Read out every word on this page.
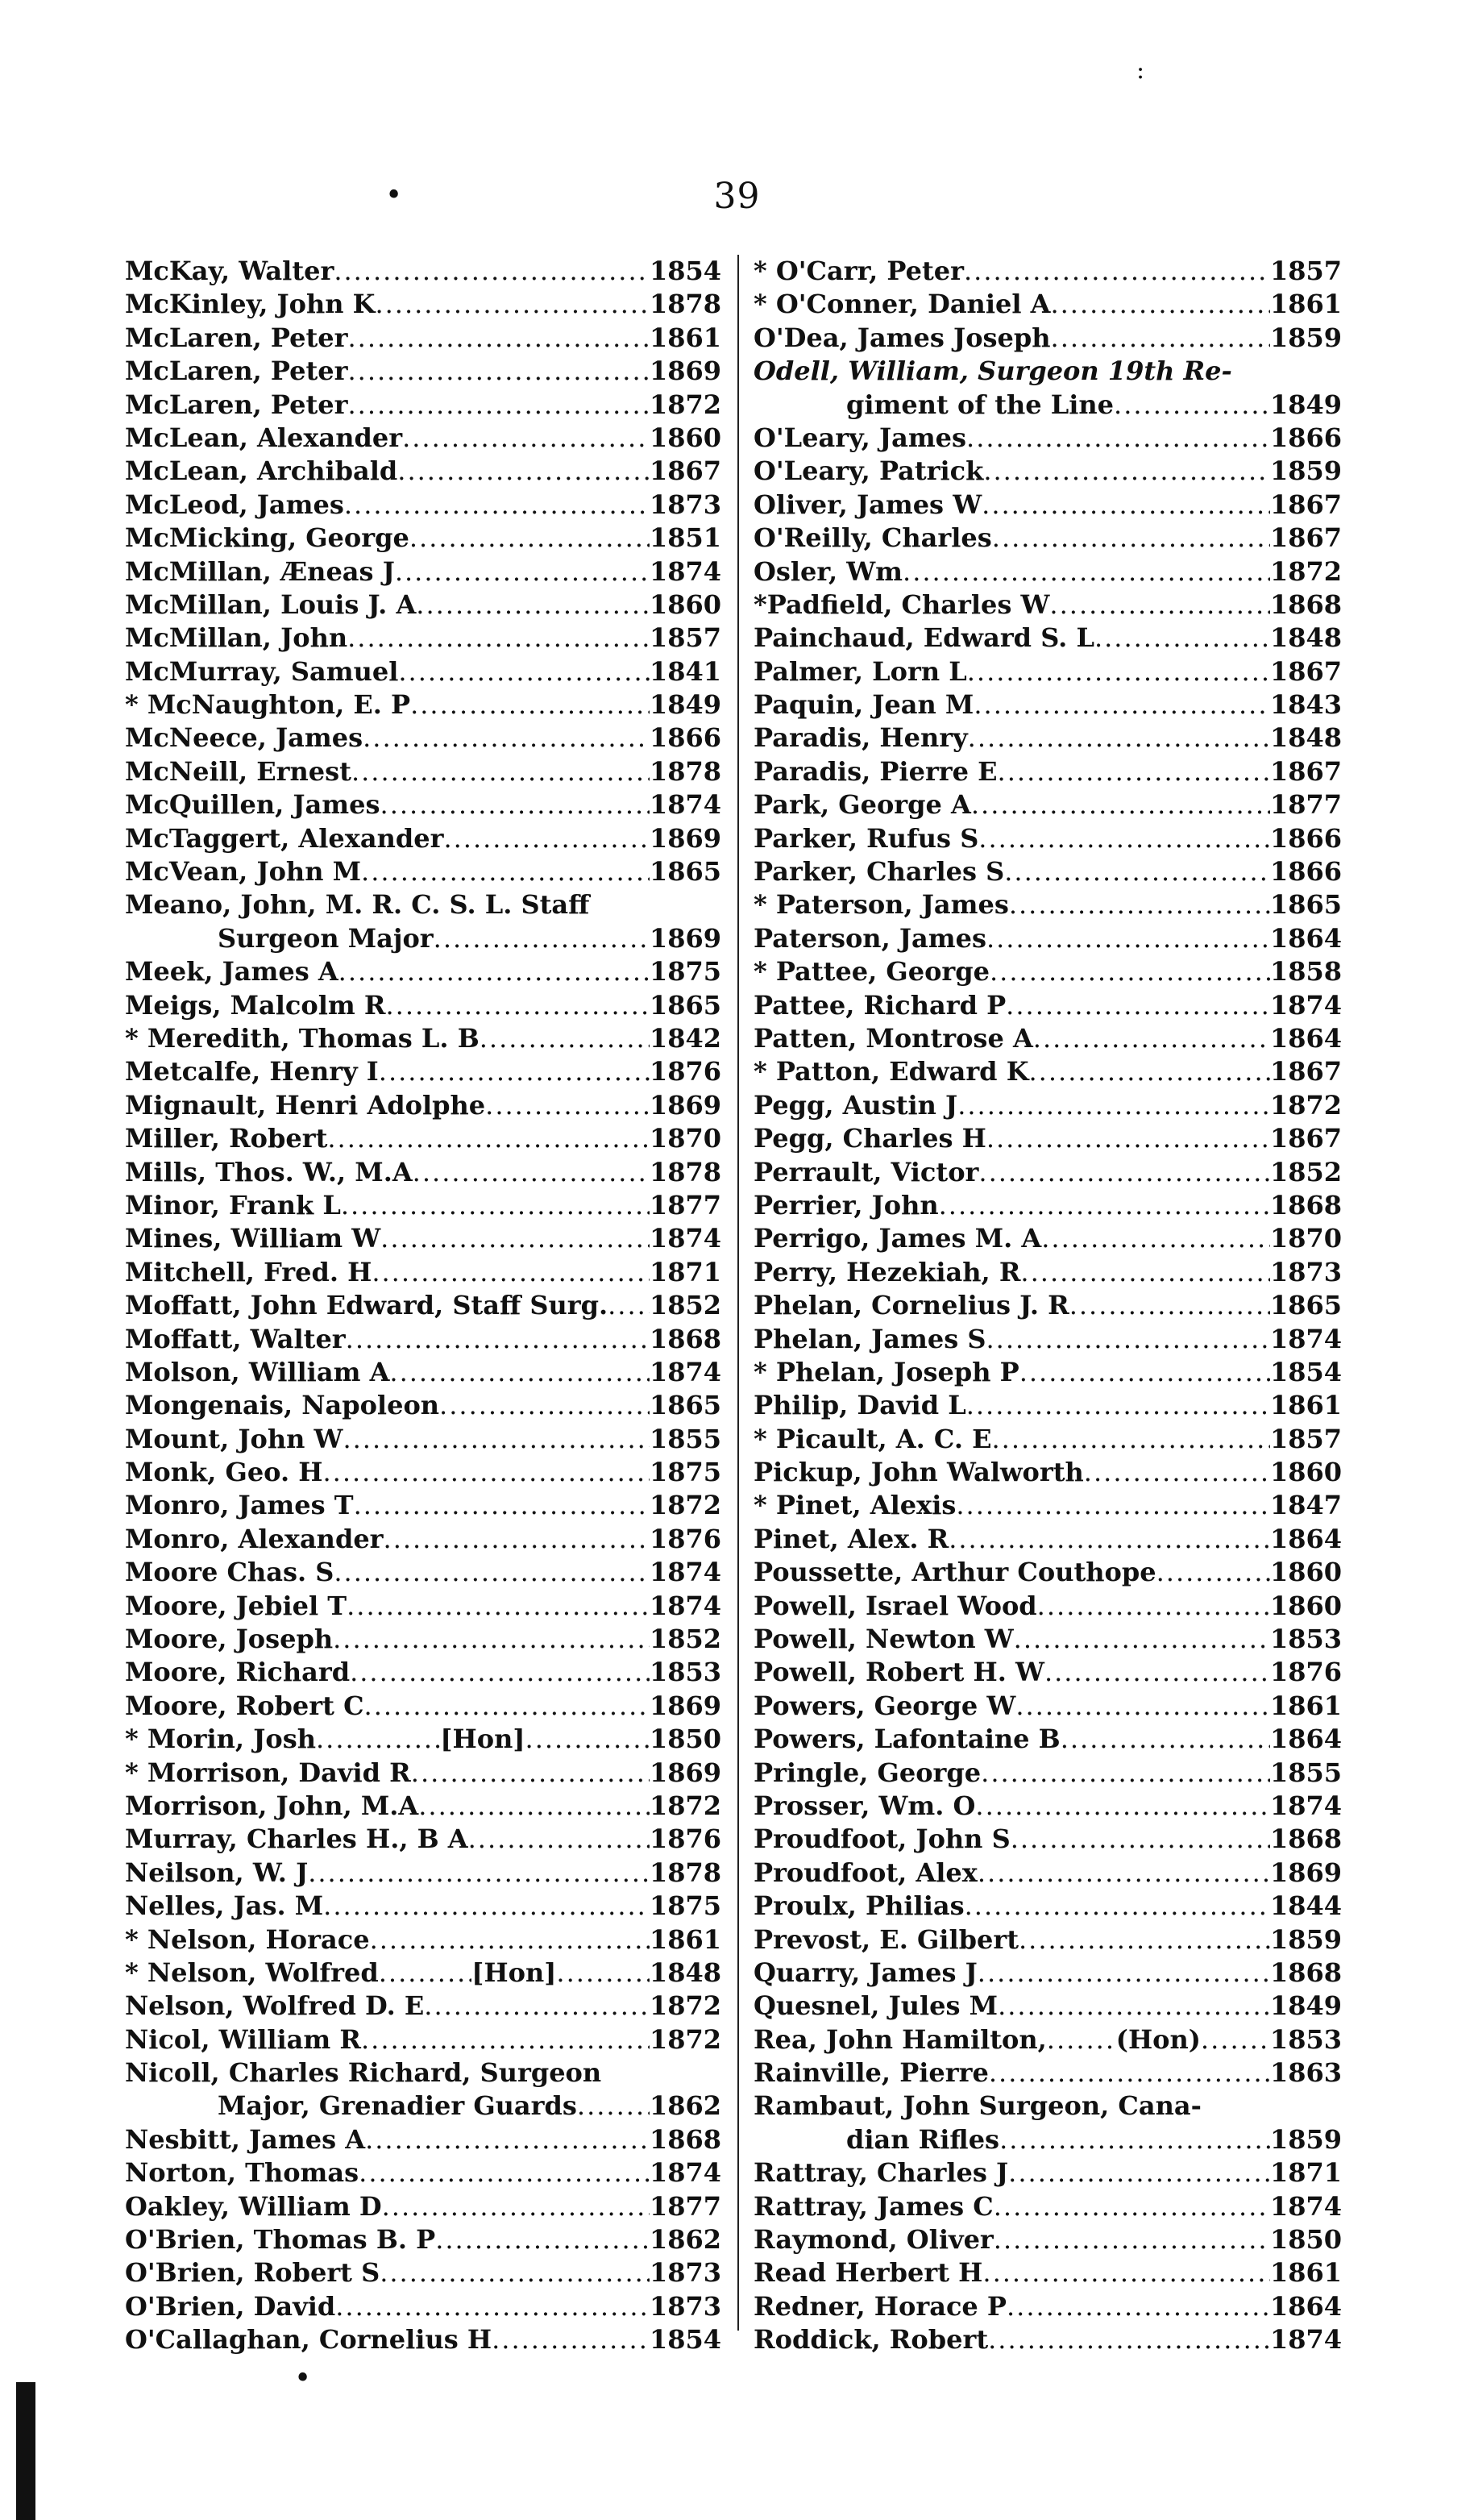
•
:
39
McKay, Walter .....	1854
McKinley, John K .....	1878
McLaren, Peter .....	1861
McLaren, Peter .....	1869
McLaren, Peter .....	1872
McLean, Alexander .....	1860
McLean, Archibald .....	1867
McLeod, James .....	1873
McMicking, George .....	1851
McMillan, Æneas J .....	1874
McMillan, Louis J. A .....	1860
McMillan, John .....	1857
McMurray, Samuel .....	1841
* McNaughton, E. P .....	1849
McNeece, James .....	1866
McNeill, Ernest .....	1878
McQuillen, James .....	1874
McTaggert, Alexander .....	1869
McVean, John M .....	1865
Meano, John, M. R. C. S. L. Staff
Surgeon Major .....	1869
Meek, James A .....	1875
Meigs, Malcolm R .....	1865
* Meredith, Thomas L. B .....	1842
Metcalfe, Henry I .....	1876
Mignault, Henri Adolphe .....	1869
Miller, Robert .....	1870
Mills, Thos. W., M.A .....	1878
Minor, Frank L .....	1877
Mines, William W .....	1874
Mitchell, Fred. H .....	1871
Moffatt, John Edward, Staff Surg. ..... 1852
Moffatt, Walter .....	1868
Molson, William A .....	1874
Mongenais, Napoleon .....	1865
Mount, John W .....	1855
Monk, Geo. H .....	1875
Monro, James T .....	1872
Monro, Alexander .....	1876
Moore Chas. S .....	1874
Moore, Jebiel T .....	1874
Moore, Joseph .....	1852
Moore, Richard .....	1853
Moore, Robert C .....	1869
* Morin, Josh .....	[Hon] .....	1850
* Morrison, David R .....	1869
Morrison, John, M.A .....	1872
Murray, Charles H., B A .....	1876
Neilson, W. J .....	1878
Nelles, Jas. M .....	1875
* Nelson, Horace .....	1861
* Nelson, Wolfred .....	[Hon] .....	1848
Nelson, Wolfred D. E .....	1872
Nicol, William R .....	1872
Nicoll, Charles Richard, Surgeon
Major, Grenadier Guards .....	1862
Nesbitt, James A .....	1868
Norton, Thomas .....	1874
Oakley, William D .....	1877
O'Brien, Thomas B. P .....	1862
O'Brien, Robert S .....	1873
O'Brien, David .....	1873
O'Callaghan, Cornelius H .....	1854
* O'Carr, Peter .....	1857
* O'Conner, Daniel A .....	1861
O'Dea, James Joseph .....	1859
Odell, William, Surgeon 19th Re-
giment of the Line .....	1849
O'Leary, James .....	1866
O'Leary, Patrick .....	1859
Oliver, James W .....	1867
O'Reilly, Charles .....	1867
Osler, Wm .....	1872
*Padfield, Charles W .....	1868
Painchaud, Edward S. L .....	1848
Palmer, Lorn L .....	1867
Paquin, Jean M .....	1843
Paradis, Henry .....	1848
Paradis, Pierre E .....	1867
Park, George A .....	1877
Parker, Rufus S .....	1866
Parker, Charles S .....	1866
* Paterson, James .....	1865
Paterson, James .....	1864
* Pattee, George .....	1858
Pattee, Richard P .....	1874
Patten, Montrose A .....	1864
* Patton, Edward K .....	1867
Pegg, Austin J .....	1872
Pegg, Charles H .....	1867
Perrault, Victor .....	1852
Perrier, John .....	1868
Perrigo, James M. A .....	1870
Perry, Hezekiah, R .....	1873
Phelan, Cornelius J. R .....	1865
Phelan, James S .....	1874
* Phelan, Joseph P .....	1854
Philip, David L .....	1861
* Picault, A. C. E .....	1857
Pickup, John Walworth .....	1860
* Pinet, Alexis .....	1847
Pinet, Alex. R .....	1864
Poussette, Arthur Couthope .....	1860
Powell, Israel Wood .....	1860
Powell, Newton W .....	1853
Powell, Robert H. W .....	1876
Powers, George W .....	1861
Powers, Lafontaine B .....	1864
Pringle, George .....	1855
Prosser, Wm. O .....	1874
Proudfoot, John S .....	1868
Proudfoot, Alex .....	1869
Proulx, Philias .....	1844
Prevost, E. Gilbert .....	1859
Quarry, James J .....	1868
Quesnel, Jules M .....	1849
Rea, John Hamilton, .....	(Hon) .....	1853
Rainville, Pierre .....	1863
Rambaut, John Surgeon, Cana-
dian Rifles .....	1859
Rattray, Charles J .....	1871
Rattray, James C .....	1874
Raymond, Oliver .....	1850
Read Herbert H .....	1861
Redner, Horace P .....	1864
Roddick, Robert .....	1874
•
